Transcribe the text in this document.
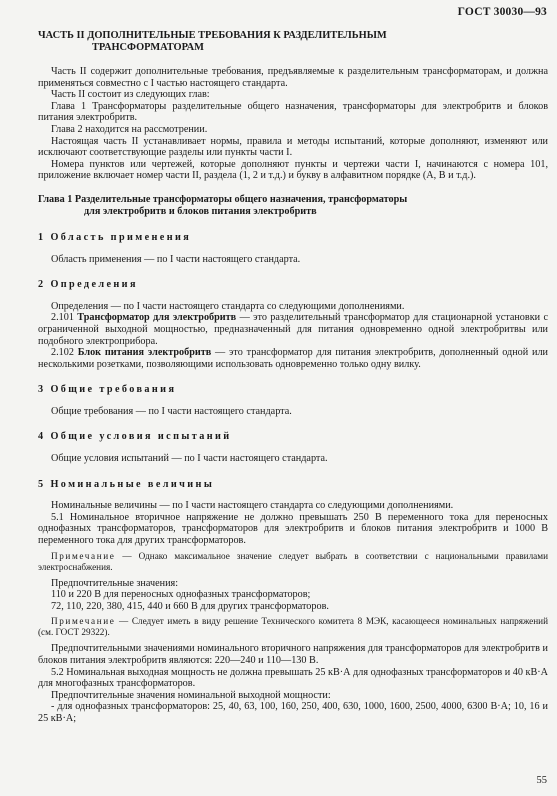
ГОСТ 30030—93
ЧАСТЬ II ДОПОЛНИТЕЛЬНЫЕ ТРЕБОВАНИЯ К РАЗДЕЛИТЕЛЬНЫМ
ТРАНСФОРМАТОРАМ

Часть II содержит дополнительные требования, предъявляемые к разделительным трансформаторам, и должна применяться совместно с I частью настоящего стандарта.

Часть II состоит из следующих глав:

Глава 1 Трансформаторы разделительные общего назначения, трансформаторы для электробритв и блоков питания электробритв.

Глава 2 находится на рассмотрении.

Настоящая часть II устанавливает нормы, правила и методы испытаний, которые дополняют, изменяют или исключают соответствующие разделы или пункты части I.

Номера пунктов или чертежей, которые дополняют пункты и чертежи части I, начинаются с номера 101, приложение включает номер части II, раздела (1, 2 и т.д.) и букву в алфавитном порядке (А, В и т.д.).

Глава 1 Разделительные трансформаторы общего назначения, трансформаторы
для электробритв и блоков питания электробритв
1 Область применения

Область применения — по I части настоящего стандарта.

2 Определения

Определения — по I части настоящего стандарта со следующими дополнениями.

2.101 Трансформатор для электробритв — это разделительный трансформатор для стационарной установки с ограниченной выходной мощностью, предназначенный для питания одновременно одной электробритвы или подобного электроприбора.

2.102 Блок питания электробритв — это трансформатор для питания электробритв, дополненный одной или несколькими розетками, позволяющими использовать одновременно только одну вилку.

3 Общие требования

Общие требования — по I части настоящего стандарта.

4 Общие условия испытаний

Общие условия испытаний — по I части настоящего стандарта.

5 Номинальные величины

Номинальные величины — по I части настоящего стандарта со следующими дополнениями.

5.1 Номинальное вторичное напряжение не должно превышать 250 В переменного тока для переносных однофазных трансформаторов, трансформаторов для электробритв и блоков питания электробритв и 1000 В переменного тока для других трансформаторов.

Примечание — Однако максимальное значение следует выбрать в соответствии с национальными правилами электроснабжения.

Предпочтительные значения:

110 и 220 В для переносных однофазных трансформаторов;

72, 110, 220, 380, 415, 440 и 660 В для других трансформаторов.

Примечание — Следует иметь в виду решение Технического комитета 8 МЭК, касающееся номинальных напряжений (см. ГОСТ 29322).

Предпочтительными значениями номинального вторичного напряжения для трансформаторов для электробритв и блоков питания электробритв являются: 220—240 и 110—130 В.

5.2 Номинальная выходная мощность не должна превышать 25 кВ·А для однофазных трансформаторов и 40 кВ·А для многофазных трансформаторов.

Предпочтительные значения номинальной выходной мощности:

- для однофазных трансформаторов: 25, 40, 63, 100, 160, 250, 400, 630, 1000, 1600, 2500, 4000, 6300 В·А; 10, 16 и 25 кВ·А;

55
